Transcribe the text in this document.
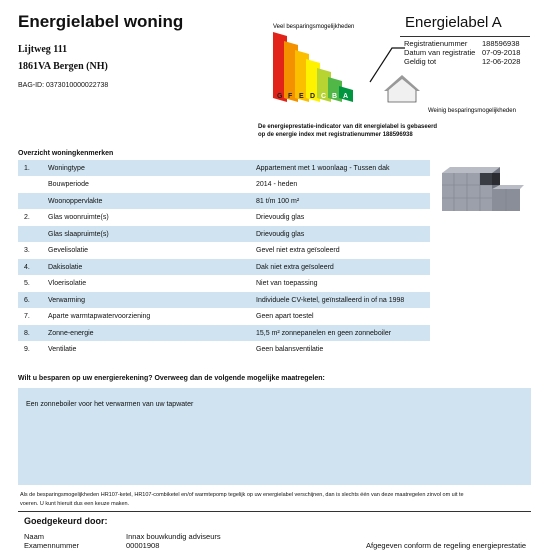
Energielabel woning
Lijtweg 111
1861VA Bergen (NH)
BAG-ID: 0373010000022738
Veel besparingsmogelijkheden
G F E D C B A
Weinig besparingsmogelijkheden
Energielabel A
Registratienummer 188596938
Datum van registratie 07-09-2018
Geldig tot	12-06-2028
De energieprestatie-indicator van dit energielabel is gebaseerd
op de energie index met registratienummer 188596938
Overzicht woningkenmerken
1.	Woningtype	Appartement met 1 woonlaag - Tussen dak
Bouwperiode	2014 - heden
Woonoppervlakte	81 t/m 100 m²
2.	Glas woonruimte(s)	Drievoudig glas
Glas slaapruimte(s)	Drievoudig glas
3.	Gevelisolatie	Gevel niet extra geïsoleerd
4.	Dakisolatie	Dak niet extra geïsoleerd
5.	Vloerisolatie	Niet van toepassing
6.	Verwarming	Individuele CV-ketel, geïnstalleerd in of na 1998
7.	Aparte warmtapwatervoorziening	Geen apart toestel
8.	Zonne-energie	15,5 m² zonnepanelen en geen zonneboiler
9.	Ventilatie	Geen balansventilatie
Wilt u besparen op uw energierekening? Overweeg dan de volgende mogelijke maatregelen:
Een zonneboiler voor het verwarmen van uw tapwater
Als de besparingsmogelijkheden HR107-ketel, HR107-combiketel en/of warmtepomp tegelijk op uw energielabel verschijnen, dan is slechts één van deze maatregelen zinvol om uit te
voeren. U kunt hieruit dus een keuze maken.
Goedgekeurd door:
Naam	Innax bouwkundig adviseurs
Examennummer	00001908	Afgegeven conform de regeling energieprestatie
